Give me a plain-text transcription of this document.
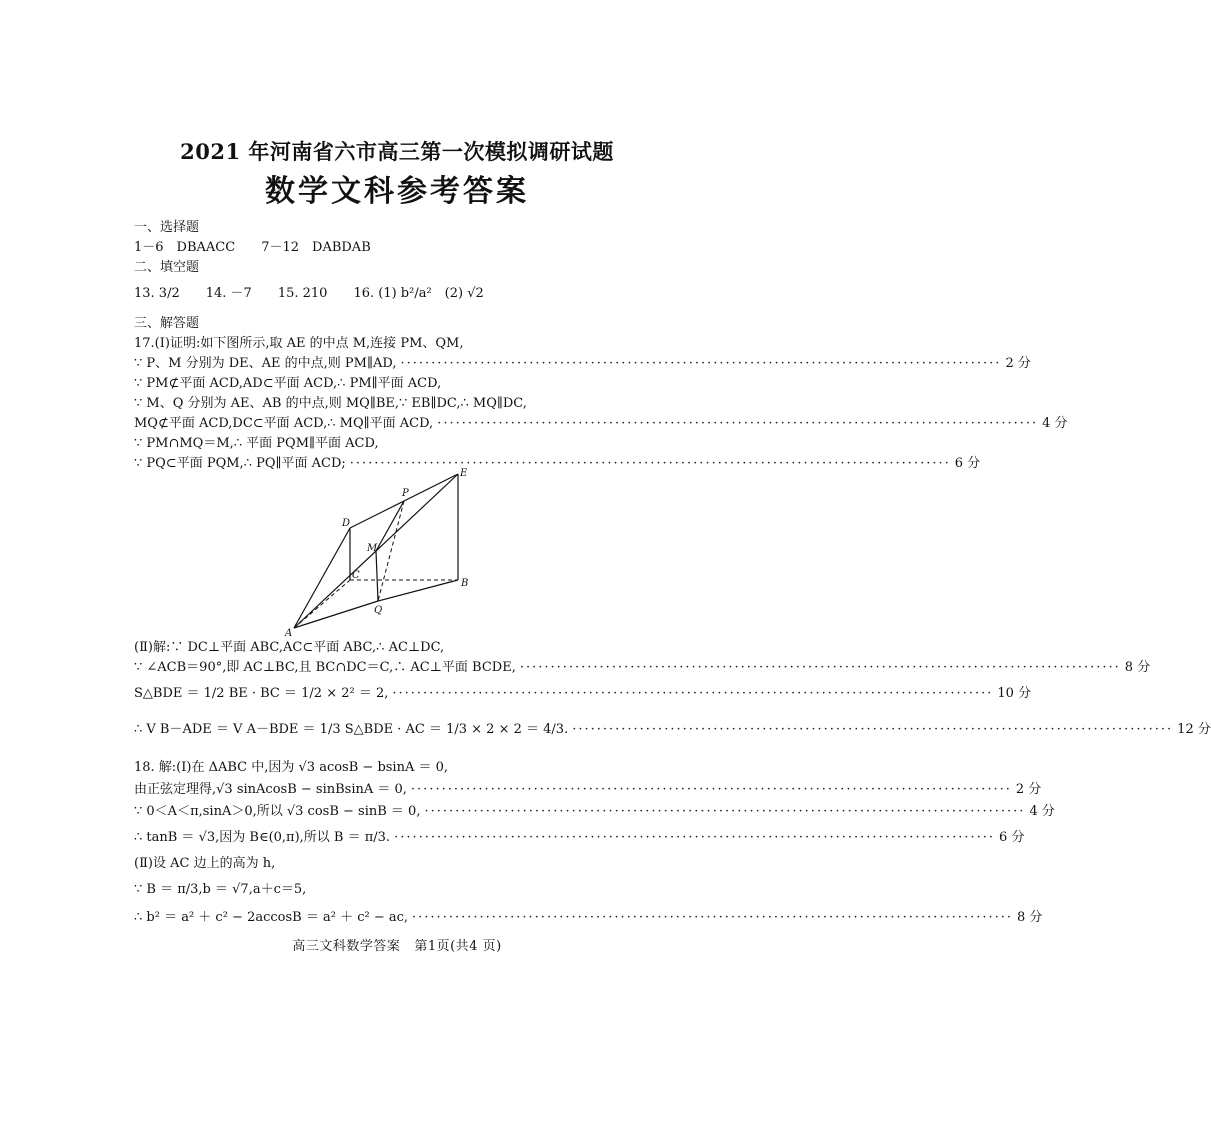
2021 年河南省六市高三第一次模拟调研试题
数学文科参考答案
一、选择题
1－6　DBAACC 7－12　DABDAB
二、填空题
13. 3/2 14. －7 15. 210 16. (1) b²/a²　(2) √2
三、解答题
17.(Ⅰ)证明:如下图所示,取 AE 的中点 M,连接 PM、QM,
∵ P、M 分别为 DE、AE 的中点,则 PM∥AD, ·································································································· 2 分
∵ PM⊄平面 ACD,AD⊂平面 ACD,∴ PM∥平面 ACD,
∵ M、Q 分别为 AE、AB 的中点,则 MQ∥BE,∵ EB∥DC,∴ MQ∥DC,
MQ⊄平面 ACD,DC⊂平面 ACD,∴ MQ∥平面 ACD, ·································································································· 4 分
∵ PM∩MQ＝M,∴ 平面 PQM∥平面 ACD,
∵ PQ⊂平面 PQM,∴ PQ∥平面 ACD; ·································································································· 6 分
A
B
C
D
E
M
P
Q
(Ⅱ)解:∵ DC⊥平面 ABC,AC⊂平面 ABC,∴ AC⊥DC,
∵ ∠ACB＝90°,即 AC⊥BC,且 BC∩DC＝C,∴ AC⊥平面 BCDE, ·································································································· 8 分
S△BDE ＝ 1/2 BE · BC ＝ 1/2 × 2² ＝ 2, ·································································································· 10 分
∴ V B－ADE ＝ V A－BDE ＝ 1/3 S△BDE · AC ＝ 1/3 × 2 × 2 ＝ 4/3. ·································································································· 12 分
18. 解:(Ⅰ)在 ΔABC 中,因为 √3 acosB − bsinA ＝ 0,
由正弦定理得,√3 sinAcosB − sinBsinA ＝ 0, ·································································································· 2 分
∵ 0＜A＜π,sinA＞0,所以 √3 cosB − sinB ＝ 0, ·································································································· 4 分
∴ tanB ＝ √3,因为 B∈(0,π),所以 B ＝ π/3. ·································································································· 6 分
(Ⅱ)设 AC 边上的高为 h,
∵ B ＝ π/3,b ＝ √7,a＋c＝5,
∴ b² ＝ a² ＋ c² − 2accosB ＝ a² ＋ c² − ac, ·································································································· 8 分
高三文科数学答案 第1页(共4 页)
